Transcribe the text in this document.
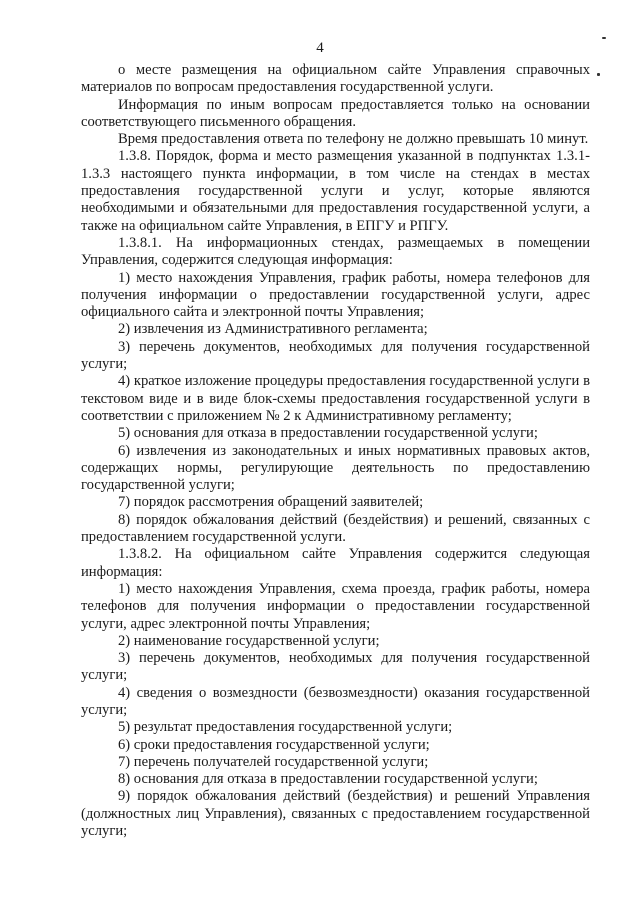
4

о месте размещения на официальном сайте Управления справочных материалов по вопросам предоставления государственной услуги.

Информация по иным вопросам предоставляется только на основании соответствующего письменного обращения.

Время предоставления ответа по телефону не должно превышать 10 минут.

1.3.8. Порядок, форма и место размещения указанной в подпунктах 1.3.1-1.3.3 настоящего пункта информации, в том числе на стендах в местах предоставления государственной услуги и услуг, которые являются необходимыми и обязательными для предоставления государственной услуги, а также на официальном сайте Управления, в ЕПГУ и РПГУ.

1.3.8.1. На информационных стендах, размещаемых в помещении Управления, содержится следующая информация:

1) место нахождения Управления, график работы, номера телефонов для получения информации о предоставлении государственной услуги, адрес официального сайта и электронной почты Управления;

2) извлечения из Административного регламента;

3) перечень документов, необходимых для получения государственной услуги;

4) краткое изложение процедуры предоставления государственной услуги в текстовом виде и в виде блок-схемы предоставления государственной услуги в соответствии с приложением № 2 к Административному регламенту;

5) основания для отказа в предоставлении государственной услуги;

6) извлечения из законодательных и иных нормативных правовых актов, содержащих нормы, регулирующие деятельность по предоставлению государственной услуги;

7) порядок рассмотрения обращений заявителей;

8) порядок обжалования действий (бездействия) и решений, связанных с предоставлением государственной услуги.

1.3.8.2. На официальном сайте Управления содержится следующая информация:

1) место нахождения Управления, схема проезда, график работы, номера телефонов для получения информации о предоставлении государственной услуги, адрес электронной почты Управления;

2) наименование государственной услуги;

3) перечень документов, необходимых для получения государственной услуги;

4) сведения о возмездности (безвозмездности) оказания государственной услуги;

5) результат предоставления государственной услуги;

6) сроки предоставления государственной услуги;

7) перечень получателей государственной услуги;

8) основания для отказа в предоставлении государственной услуги;

9) порядок обжалования действий (бездействия) и решений Управления (должностных лиц Управления), связанных с предоставлением государственной услуги;
